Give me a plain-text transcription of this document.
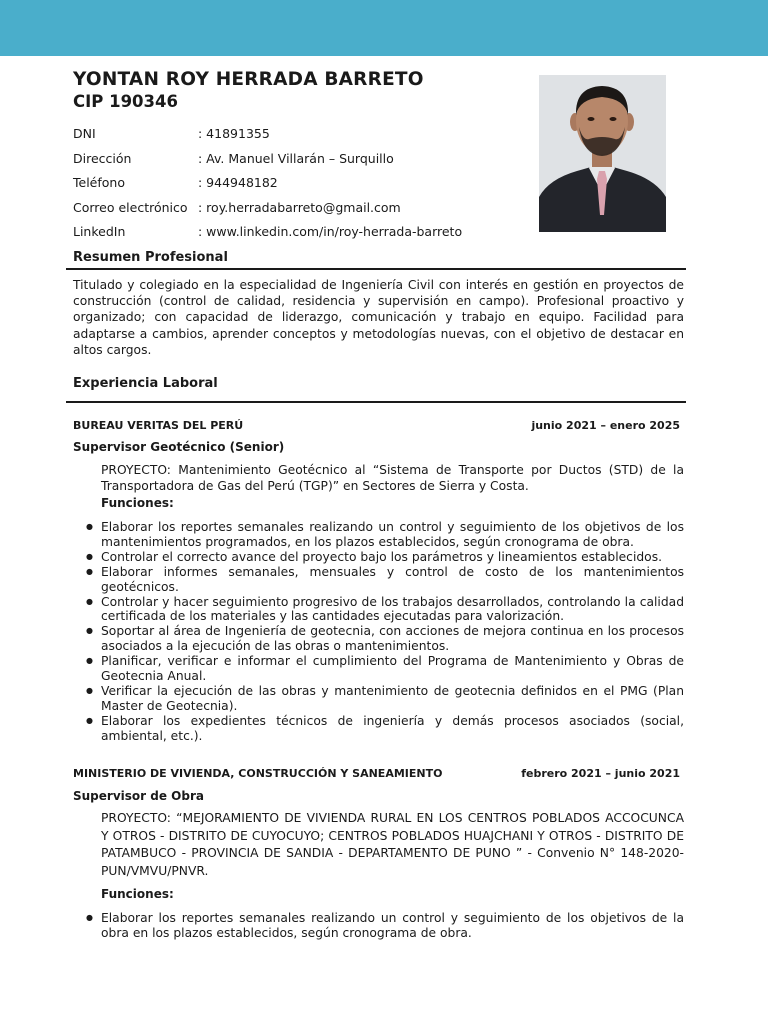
YONTAN ROY HERRADA BARRETO
CIP 190346
DNI	: 41891355
Dirección	: Av. Manuel Villarán – Surquillo
Teléfono	: 944948182
Correo electrónico : roy.herradabarreto@gmail.com
LinkedIn	: www.linkedin.com/in/roy-herrada-barreto
Resumen Profesional
Titulado y colegiado en la especialidad de Ingeniería Civil con interés en gestión en proyectos de construcción (control de calidad, residencia y supervisión en campo). Profesional proactivo y organizado; con capacidad de liderazgo, comunicación y trabajo en equipo. Facilidad para adaptarse a cambios, aprender conceptos y metodologías nuevas, con el objetivo de destacar en altos cargos.
Experiencia Laboral
BUREAU VERITAS DEL PERÚ	junio 2021 – enero 2025
Supervisor Geotécnico (Senior)
PROYECTO: Mantenimiento Geotécnico al “Sistema de Transporte por Ductos (STD) de la Transportadora de Gas del Perú (TGP)” en Sectores de Sierra y Costa.
Funciones:
● Elaborar los reportes semanales realizando un control y seguimiento de los objetivos de los mantenimientos programados, en los plazos establecidos, según cronograma de obra.
● Controlar el correcto avance del proyecto bajo los parámetros y lineamientos establecidos.
● Elaborar informes semanales, mensuales y control de costo de los mantenimientos geotécnicos.
● Controlar y hacer seguimiento progresivo de los trabajos desarrollados, controlando la calidad certificada de los materiales y las cantidades ejecutadas para valorización.
● Soportar al área de Ingeniería de geotecnia, con acciones de mejora continua en los procesos asociados a la ejecución de las obras o mantenimientos.
● Planificar, verificar e informar el cumplimiento del Programa de Mantenimiento y Obras de Geotecnia Anual.
● Verificar la ejecución de las obras y mantenimiento de geotecnia definidos en el PMG (Plan Master de Geotecnia).
● Elaborar los expedientes técnicos de ingeniería y demás procesos asociados (social, ambiental, etc.).
MINISTERIO DE VIVIENDA, CONSTRUCCIÓN Y SANEAMIENTO	febrero 2021 – junio 2021
Supervisor de Obra
PROYECTO: “MEJORAMIENTO DE VIVIENDA RURAL EN LOS CENTROS POBLADOS ACCOCUNCA Y OTROS - DISTRITO DE CUYOCUYO; CENTROS POBLADOS HUAJCHANI Y OTROS - DISTRITO DE PATAMBUCO - PROVINCIA DE SANDIA - DEPARTAMENTO DE PUNO ” - Convenio N° 148-2020-PUN/VMVU/PNVR.
Funciones:
● Elaborar los reportes semanales realizando un control y seguimiento de los objetivos de la obra en los plazos establecidos, según cronograma de obra.
